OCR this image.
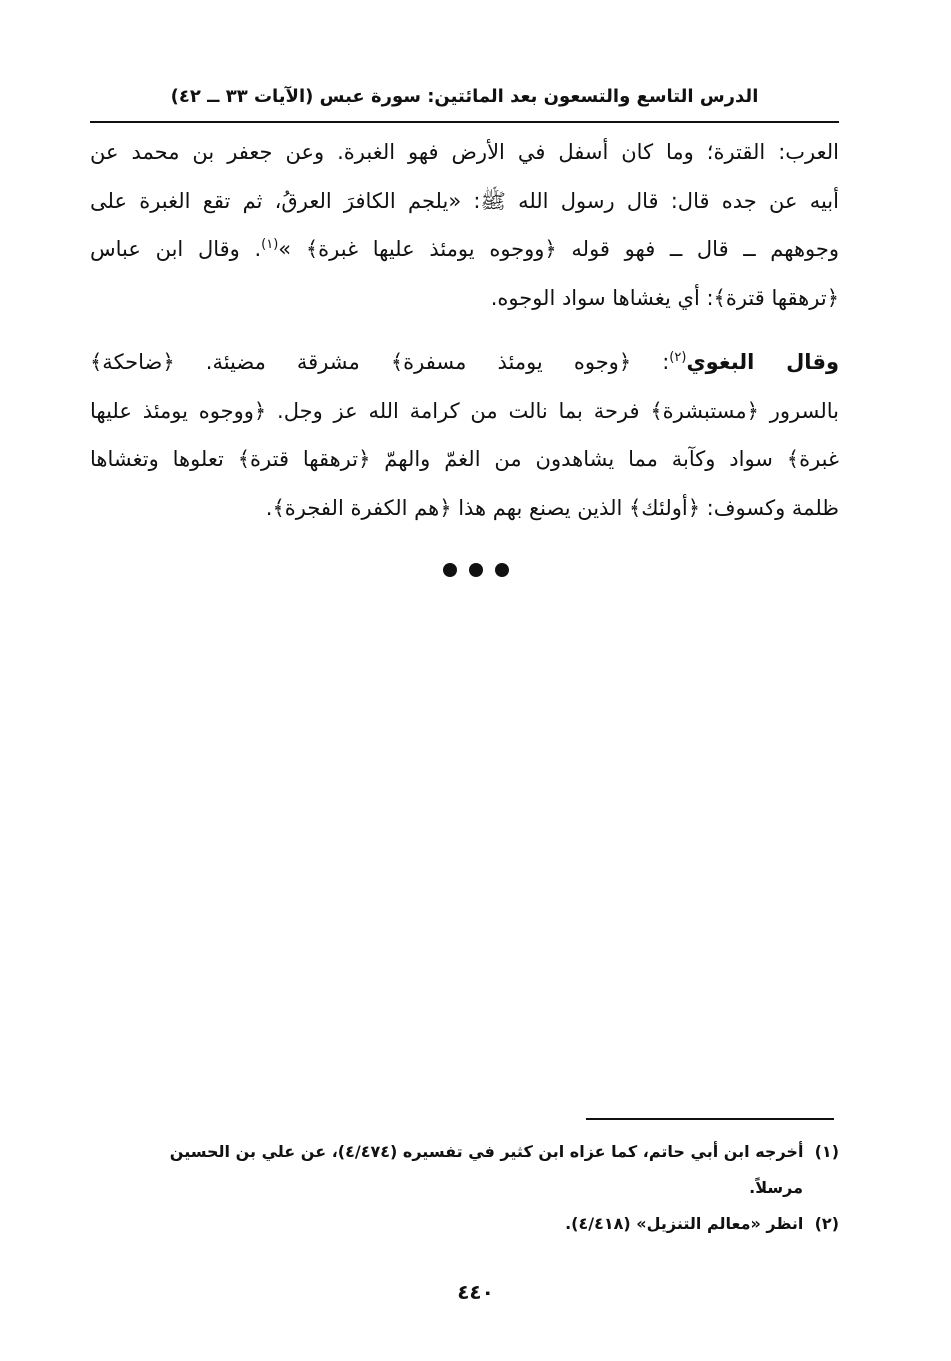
الدرس التاسع والتسعون بعد المائتين: سورة عبس (الآيات ٣٣ ــ ٤٢)

العرب: القترة؛ وما كان أسفل في الأرض فهو الغبرة. وعن جعفر بن محمد عن
أبيه عن جده قال: قال رسول الله ﷺ: «يلجم الكافرَ العرقُ، ثم تقع الغبرة على
وجوههم ــ قال ــ فهو قوله ﴿ووجوه يومئذ عليها غبرة﴾ »$^{(١)}$. وقال ابن عباس
﴿ترهقها قترة﴾: أي يغشاها سواد الوجوه.

وقال البغوي$^{(٢)}$: ﴿وجوه يومئذ مسفرة﴾ مشرقة مضيئة. ﴿ضاحكة﴾
بالسرور ﴿مستبشرة﴾ فرحة بما نالت من كرامة الله عز وجل. ﴿ووجوه يومئذ عليها
غبرة﴾ سواد وكآبة مما يشاهدون من الغمّ والهمّ ﴿ترهقها قترة﴾ تعلوها وتغشاها
ظلمة وكسوف: ﴿أولئك﴾ الذين يصنع بهم هذا ﴿هم الكفرة الفجرة﴾.

(١) أخرجه ابن أبي حاتم، كما عزاه ابن كثير في تفسيره (٤/٤٧٤)، عن علي بن الحسين

مرسلاً.

(٢) انظر «معالم التنزيل» (٤/٤١٨).

٤٤٠
